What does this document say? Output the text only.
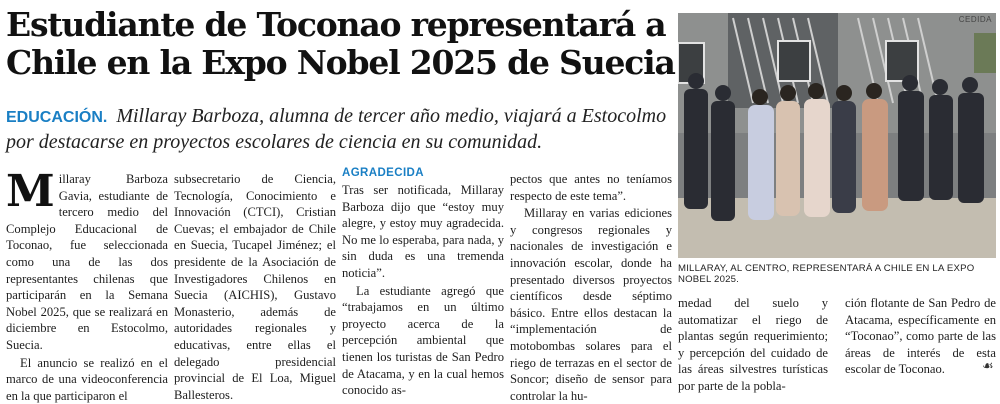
Estudiante de Toconao representará a
Chile en la Expo Nobel 2025 de Suecia
EDUCACIÓN. Millaray Barboza, alumna de tercer año medio, viajará a Estocolmo por destacarse en proyectos escolares de ciencia en su comunidad.

Millaray Barboza Gavia, estudiante de tercero medio del Complejo Educacional de Toconao, fue seleccionada como una de las dos representantes chilenas que participarán en la Semana Nobel 2025, que se realizará en diciembre en Estocolmo, Suecia.

El anuncio se realizó en el marco de una videoconferencia en la que participaron el

subsecretario de Ciencia, Tecnología, Conocimiento e Innovación (CTCI), Cristian Cuevas; el embajador de Chile en Suecia, Tucapel Jiménez; el presidente de la Asociación de Investigadores Chilenos en Suecia (AICHIS), Gustavo Monasterio, además de autoridades regionales y educativas, entre ellas el delegado presidencial provincial de El Loa, Miguel Ballesteros.

AGRADECIDA

Tras ser notificada, Millaray Barboza dijo que “estoy muy alegre, y estoy muy agradecida. No me lo esperaba, para nada, y sin duda es una tremenda noticia”.

La estudiante agregó que “trabajamos en un último proyecto acerca de la percepción ambiental que tienen los turistas de San Pedro de Atacama, y en la cual hemos conocido as-

pectos que antes no teníamos respecto de este tema”.

Millaray en varias ediciones y congresos regionales y nacionales de investigación e innovación escolar, donde ha presentado diversos proyectos científicos desde séptimo básico. Entre ellos destacan la “implementación de motobombas solares para el riego de terrazas en el sector de Soncor; diseño de sensor para controlar la hu-

CEDIDA
MILLARAY, AL CENTRO, REPRESENTARÁ A CHILE EN LA EXPO NOBEL 2025.

medad del suelo y automatizar el riego de plantas según requerimiento; y percepción del cuidado de las áreas silvestres turísticas por parte de la pobla-

ción flotante de San Pedro de Atacama, específicamente en “Toconao”, como parte de las áreas de interés de esta escolar de Toconao.	☙
